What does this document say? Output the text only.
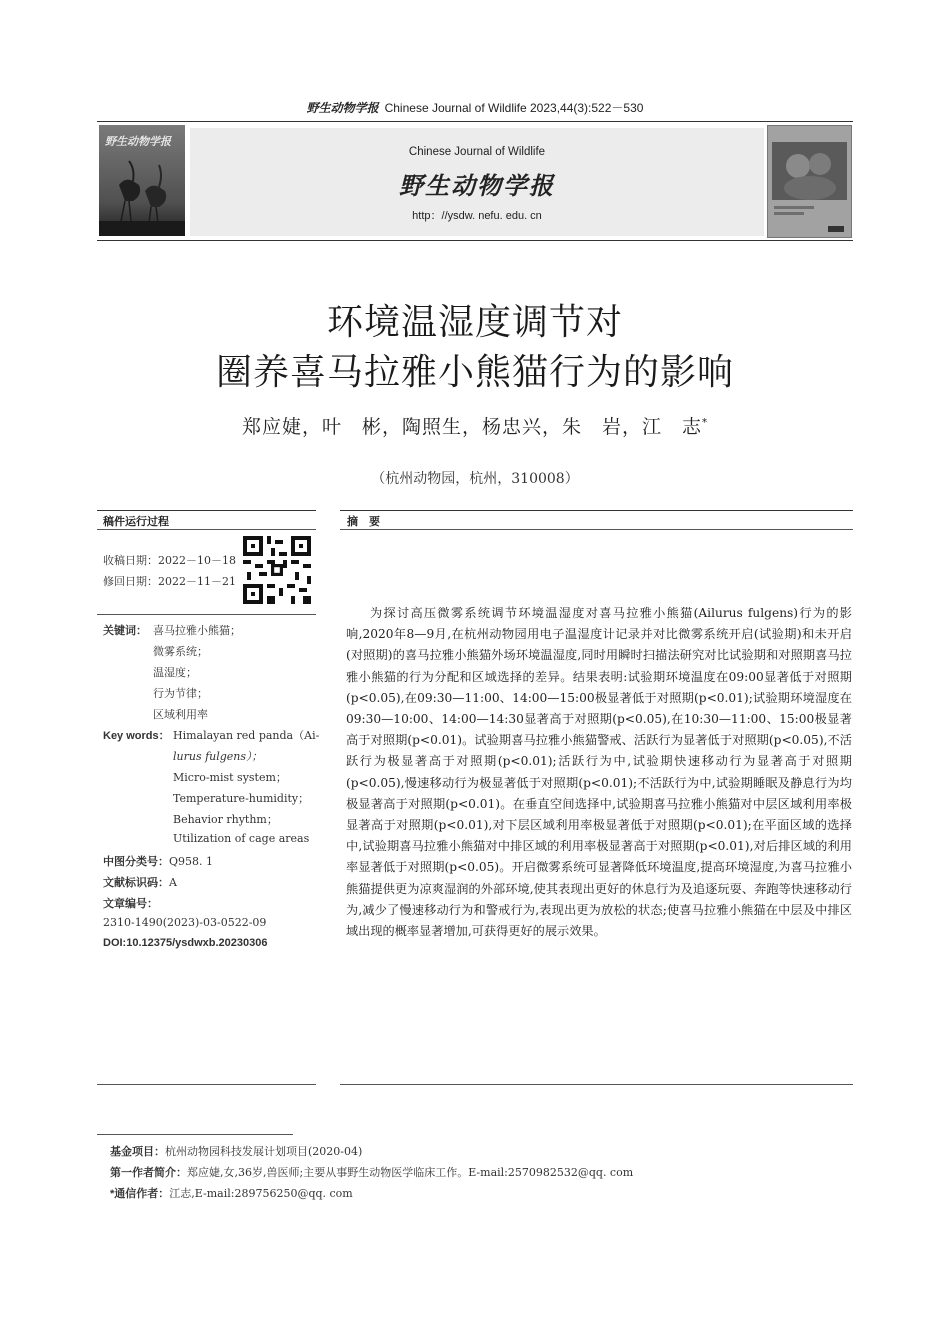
野生动物学报 Chinese Journal of Wildlife 2023,44(3):522－530
野生动物学报
Chinese Journal of Wildlife
野生动物学报
http：//ysdw. nefu. edu. cn
环境温湿度调节对
圈养喜马拉雅小熊猫行为的影响
郑应婕，叶　彬，陶照生，杨忠兴，朱　岩，江　志*
（杭州动物园，杭州，310008）
稿件运行过程	摘　要
收稿日期：2022－10－18
修回日期：2022－11－21
关键词： 喜马拉雅小熊猫；
微雾系统；
温湿度；
行为节律；
区域利用率
Key words： Himalayan red panda（Ai-
lurus fulgens）；
Micro-mist system；
Temperature-humidity；
Behavior rhythm；
Utilization of cage areas
中图分类号：Q958. 1
文献标识码：A
文章编号：
2310-1490(2023)-03-0522-09
DOI:10.12375/ysdwxb.20230306
为探讨高压微雾系统调节环境温湿度对喜马拉雅小熊猫(Ailurus fulgens)行为的影响,2020年8—9月,在杭州动物园用电子温湿度计记录并对比微雾系统开启(试验期)和未开启(对照期)的喜马拉雅小熊猫外场环境温湿度,同时用瞬时扫描法研究对比试验期和对照期喜马拉雅小熊猫的行为分配和区域选择的差异。结果表明:试验期环境温度在09:00显著低于对照期(p<0.05),在09:30—11:00、14:00—15:00极显著低于对照期(p<0.01);试验期环境湿度在09:30—10:00、14:00—14:30显著高于对照期(p<0.05),在10:30—11:00、15:00极显著高于对照期(p<0.01)。试验期喜马拉雅小熊猫警戒、活跃行为显著低于对照期(p<0.05),不活跃行为极显著高于对照期(p<0.01);活跃行为中,试验期快速移动行为显著高于对照期(p<0.05),慢速移动行为极显著低于对照期(p<0.01);不活跃行为中,试验期睡眠及静息行为均极显著高于对照期(p<0.01)。在垂直空间选择中,试验期喜马拉雅小熊猫对中层区域利用率极显著高于对照期(p<0.01),对下层区域利用率极显著低于对照期(p<0.01);在平面区域的选择中,试验期喜马拉雅小熊猫对中排区域的利用率极显著高于对照期(p<0.01),对后排区域的利用率显著低于对照期(p<0.05)。开启微雾系统可显著降低环境温度,提高环境湿度,为喜马拉雅小熊猫提供更为凉爽湿润的外部环境,使其表现出更好的休息行为及追逐玩耍、奔跑等快速移动行为,减少了慢速移动行为和警戒行为,表现出更为放松的状态;使喜马拉雅小熊猫在中层及中排区域出现的概率显著增加,可获得更好的展示效果。
基金项目：杭州动物园科技发展计划项目(2020-04)
第一作者简介：郑应婕,女,36岁,兽医师;主要从事野生动物医学临床工作。E-mail:2570982532@qq. com
*通信作者：江志,E-mail:289756250@qq. com
